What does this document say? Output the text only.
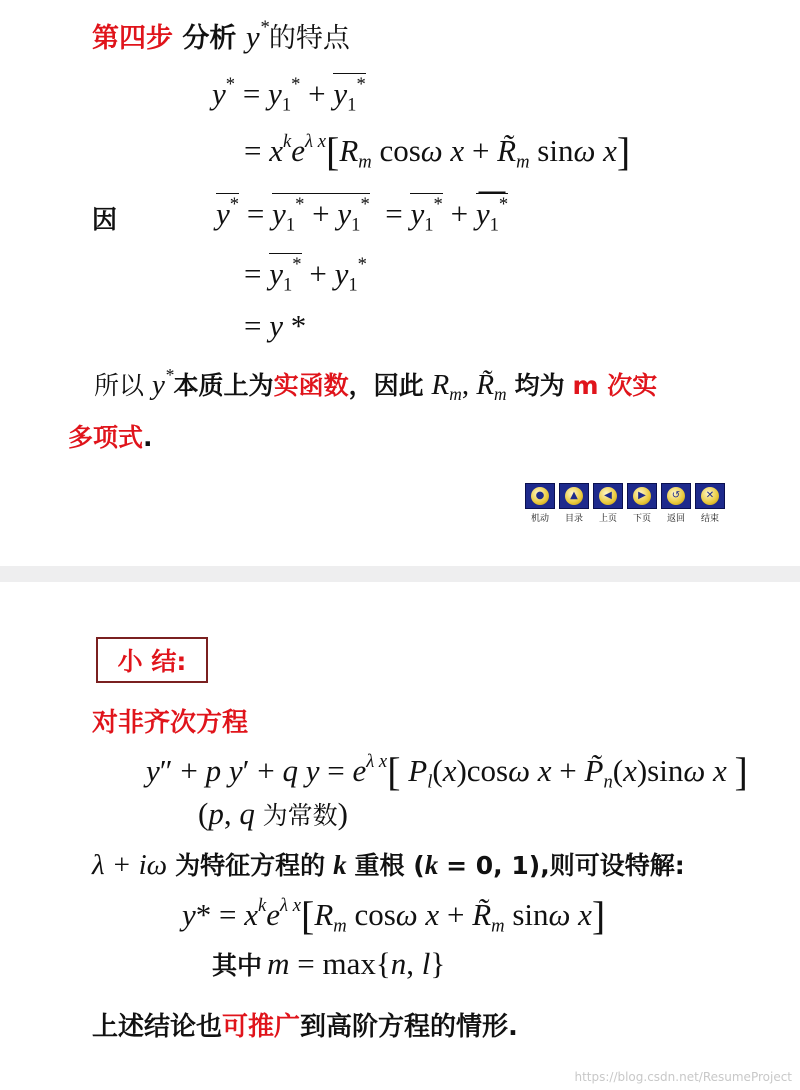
第四步 分析 y*的特点
$y^* = y_1^* + y_1^*$
= $x^ke^{\lambda x}[R_m$ cosω $x + R̃_m$ sinω x]
因	$y^* = y_1^* + y_1^* = y_1^* + y_1^*$
= $y_1^* + y_1^*$
= y *
所以 y*本质上为实函数，因此 $R_m$, $R̃_m$ 均为 m 次实
多项式.
●
机动
▲
目录
◀
上页
▶
下页
↺
返回
✕
结束
小 结:
对非齐次方程
y″ + p y′ + q $y = e^{\lambda x}$[ $P_l(x)\cos\omega$ $x + P̃_n(x)\sin\omega$ x ]
(p, q 为常数)
λ + iω 为特征方程的 k 重根 (k = 0, 1),则可设特解:
$y* = x^ke^{\lambda x}[R_m$ cosω $x + R̃_m$ sinω x]
其中 m = max{n, l}
上述结论也可推广到高阶方程的情形.
https://blog.csdn.net/ResumeProject
